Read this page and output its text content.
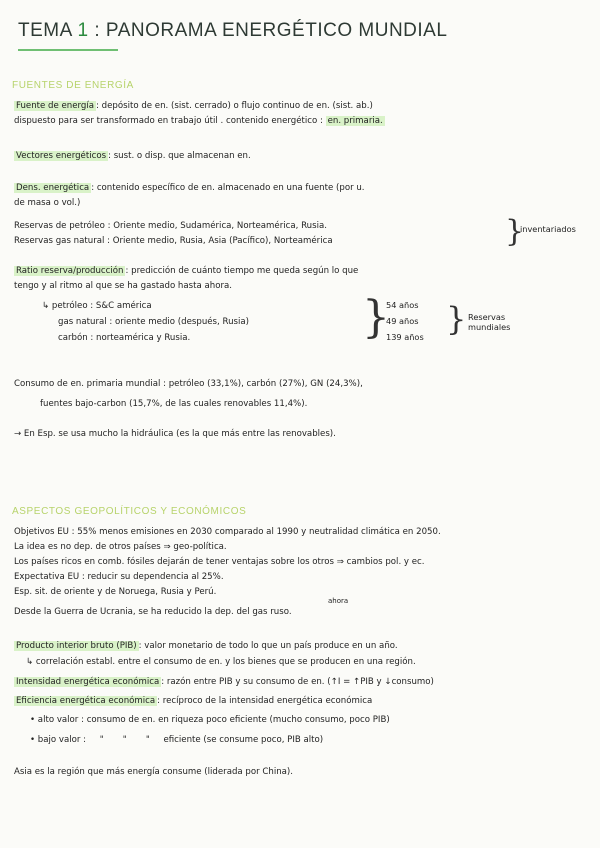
TEMA 1 : PANORAMA ENERGÉTICO MUNDIAL
FUENTES DE ENERGÍA
Fuente de energía : depósito de en. (sist. cerrado) o flujo continuo de en. (sist. ab.)
dispuesto para ser transformado en trabajo útil . contenido energético : en. primaria.
Vectores energéticos : sust. o disp. que almacenan en.
Dens. energética : contenido específico de en. almacenado en una fuente (por u.
de masa o vol.)
Reservas de petróleo : Oriente medio, Sudamérica, Norteamérica, Rusia.
Reservas gas natural : Oriente medio, Rusia, Asia (Pacífico), Norteamérica	}
inventariados
Ratio reserva/producción : predicción de cuánto tiempo me queda según lo que
tengo y al ritmo al que se ha gastado hasta ahora.
↳ petróleo : S&C américa
gas natural : oriente medio (después, Rusia)
carbón : norteamérica y Rusia.	}
54 años
49 años
139 años } Reservas mundiales
Consumo de en. primaria mundial : petróleo (33,1%), carbón (27%), GN (24,3%),
fuentes bajo-carbon (15,7%, de las cuales renovables 11,4%).
→ En Esp. se usa mucho la hidráulica (es la que más entre las renovables).
ASPECTOS GEOPOLÍTICOS Y ECONÓMICOS
Objetivos EU : 55% menos emisiones en 2030 comparado al 1990 y neutralidad climática en 2050.
La idea es no dep. de otros países ⇒ geo-política.
Los países ricos en comb. fósiles dejarán de tener ventajas sobre los otros ⇒ cambios pol. y ec.
Expectativa EU : reducir su dependencia al 25%.
Esp. sit. de oriente y de Noruega, Rusia y Perú.
ahora
Desde la Guerra de Ucrania, se ha reducido la dep. del gas ruso.
Producto interior bruto (PIB) : valor monetario de todo lo que un país produce en un año.
↳ correlación establ. entre el consumo de en. y los bienes que se producen en una región.
Intensidad energética económica : razón entre PIB y su consumo de en. (↑I = ↑PIB y ↓consumo)
Eficiencia energética económica : recíproco de la intensidad energética económica
• alto valor : consumo de en. en riqueza poco eficiente (mucho consumo, poco PIB)
• bajo valor :     "       "       "     eficiente (se consume poco, PIB alto)
Asia es la región que más energía consume (liderada por China).
